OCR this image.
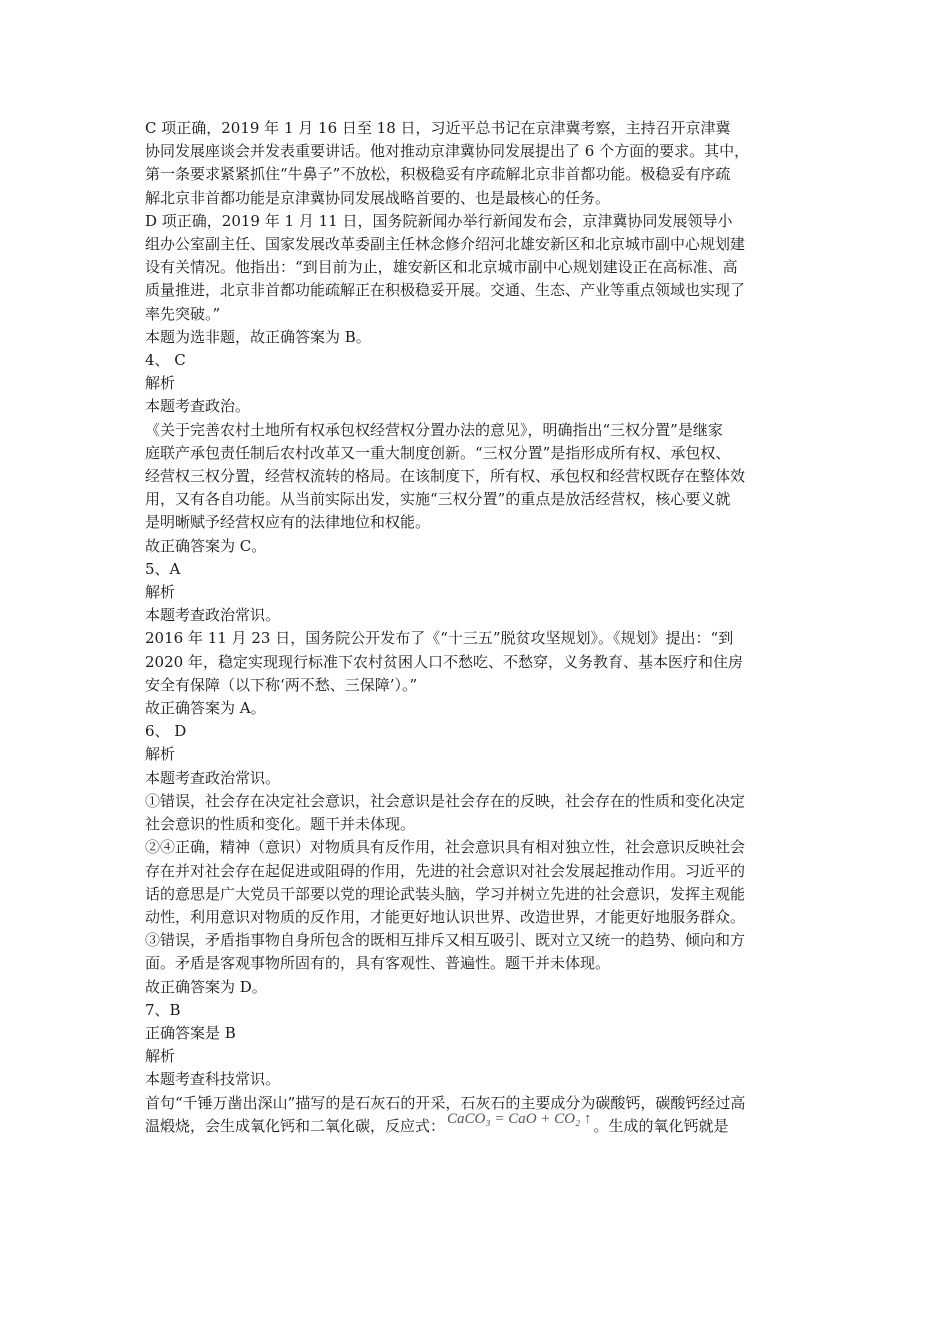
C 项正确，2019 年 1 月 16 日至 18 日，习近平总书记在京津冀考察，主持召开京津冀

协同发展座谈会并发表重要讲话。他对推动京津冀协同发展提出了 6 个方面的要求。其中，

第一条要求紧紧抓住“牛鼻子”不放松，积极稳妥有序疏解北京非首都功能。极稳妥有序疏

解北京非首都功能是京津冀协同发展战略首要的、也是最核心的任务。

D 项正确，2019 年 1 月 11 日，国务院新闻办举行新闻发布会，京津冀协同发展领导小

组办公室副主任、国家发展改革委副主任林念修介绍河北雄安新区和北京城市副中心规划建

设有关情况。他指出：“到目前为止，雄安新区和北京城市副中心规划建设正在高标准、高

质量推进，北京非首都功能疏解正在积极稳妥开展。交通、生态、产业等重点领域也实现了

率先突破。”

本题为选非题，故正确答案为 B。

4、 C

解析

本题考查政治。

《关于完善农村土地所有权承包权经营权分置办法的意见》，明确指出“三权分置”是继家

庭联产承包责任制后农村改革又一重大制度创新。“三权分置”是指形成所有权、承包权、

经营权三权分置，经营权流转的格局。在该制度下，所有权、承包权和经营权既存在整体效

用，又有各自功能。从当前实际出发，实施“三权分置”的重点是放活经营权，核心要义就

是明晰赋予经营权应有的法律地位和权能。

故正确答案为 C。

5、A

解析

本题考查政治常识。

2016 年 11 月 23 日，国务院公开发布了《“十三五”脱贫攻坚规划》。《规划》提出：“到

2020 年，稳定实现现行标准下农村贫困人口不愁吃、不愁穿，义务教育、基本医疗和住房

安全有保障（以下称‘两不愁、三保障’）。”

故正确答案为 A。

6、 D

解析

本题考查政治常识。

①错误，社会存在决定社会意识，社会意识是社会存在的反映，社会存在的性质和变化决定

社会意识的性质和变化。题干并未体现。

②④正确，精神（意识）对物质具有反作用，社会意识具有相对独立性，社会意识反映社会

存在并对社会存在起促进或阻碍的作用，先进的社会意识对社会发展起推动作用。习近平的

话的意思是广大党员干部要以党的理论武装头脑，学习并树立先进的社会意识，发挥主观能

动性，利用意识对物质的反作用，才能更好地认识世界、改造世界，才能更好地服务群众。

③错误，矛盾指事物自身所包含的既相互排斥又相互吸引、既对立又统一的趋势、倾向和方

面。矛盾是客观事物所固有的，具有客观性、普遍性。题干并未体现。

故正确答案为 D。

7、B

正确答案是 B

解析

本题考查科技常识。

首句“千锤万凿出深山”描写的是石灰石的开采，石灰石的主要成分为碳酸钙，碳酸钙经过高

温煅烧，会生成氧化钙和二氧化碳，反应式： CaCO₃ = CaO + CO₂ ↑ 。生成的氧化钙就是
